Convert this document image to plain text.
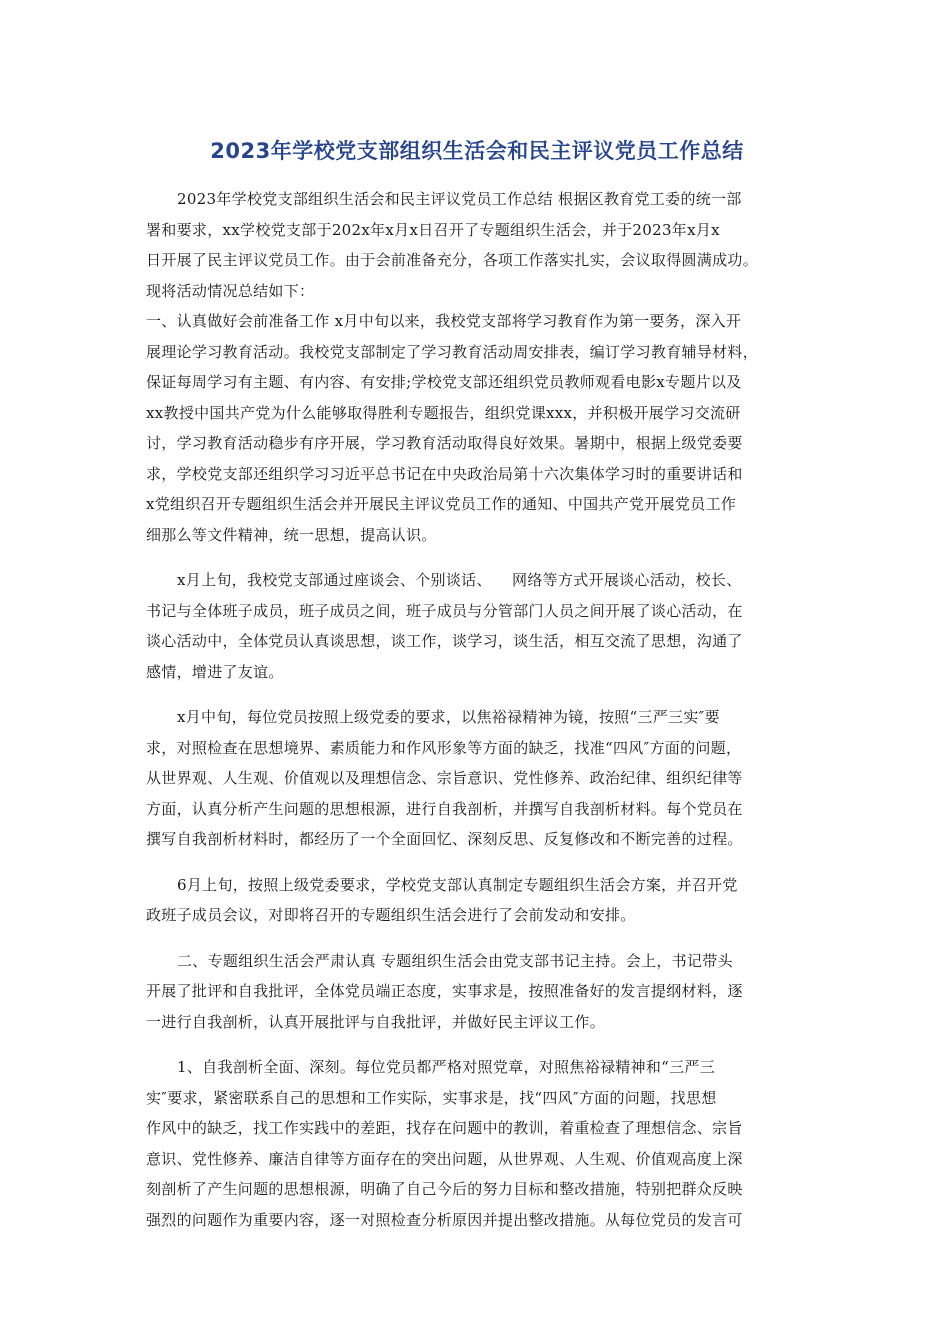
2023年学校党支部组织生活会和民主评议党员工作总结

2023年学校党支部组织生活会和民主评议党员工作总结 根据区教育党工委的统一部
署和要求，xx学校党支部于202x年x月x日召开了专题组织生活会，并于2023年x月x
日开展了民主评议党员工作。由于会前准备充分，各项工作落实扎实，会议取得圆满成功。
现将活动情况总结如下：

一、认真做好会前准备工作 x月中旬以来，我校党支部将学习教育作为第一要务，深入开
展理论学习教育活动。我校党支部制定了学习教育活动周安排表，编订学习教育辅导材料，
保证每周学习有主题、有内容、有安排;学校党支部还组织党员教师观看电影x专题片以及
xx教授中国共产党为什么能够取得胜利专题报告，组织党课xxx，并积极开展学习交流研
讨，学习教育活动稳步有序开展，学习教育活动取得良好效果。暑期中，根据上级党委要
求，学校党支部还组织学习习近平总书记在中央政治局第十六次集体学习时的重要讲话和
x党组织召开专题组织生活会并开展民主评议党员工作的通知、中国共产党开展党员工作
细那么等文件精神，统一思想，提高认识。

x月上旬，我校党支部通过座谈会、个别谈话、    网络等方式开展谈心活动，校长、
书记与全体班子成员，班子成员之间，班子成员与分管部门人员之间开展了谈心活动，在
谈心活动中，全体党员认真谈思想，谈工作，谈学习，谈生活，相互交流了思想，沟通了
感情，增进了友谊。

x月中旬，每位党员按照上级党委的要求，以焦裕禄精神为镜，按照“三严三实″要
求，对照检查在思想境界、素质能力和作风形象等方面的缺乏，找准“四风″方面的问题，
从世界观、人生观、价值观以及理想信念、宗旨意识、党性修养、政治纪律、组织纪律等
方面，认真分析产生问题的思想根源，进行自我剖析，并撰写自我剖析材料。每个党员在
撰写自我剖析材料时，都经历了一个全面回忆、深刻反思、反复修改和不断完善的过程。

6月上旬，按照上级党委要求，学校党支部认真制定专题组织生活会方案，并召开党
政班子成员会议，对即将召开的专题组织生活会进行了会前发动和安排。

二、专题组织生活会严肃认真 专题组织生活会由党支部书记主持。会上，书记带头
开展了批评和自我批评，全体党员端正态度，实事求是，按照准备好的发言提纲材料，逐
一进行自我剖析，认真开展批评与自我批评，并做好民主评议工作。

1、自我剖析全面、深刻。每位党员都严格对照党章，对照焦裕禄精神和“三严三
实″要求，紧密联系自己的思想和工作实际，实事求是，找“四风″方面的问题，找思想
作风中的缺乏，找工作实践中的差距，找存在问题中的教训，着重检查了理想信念、宗旨
意识、党性修养、廉洁自律等方面存在的突出问题，从世界观、人生观、价值观高度上深
刻剖析了产生问题的思想根源，明确了自己今后的努力目标和整改措施，特别把群众反映
强烈的问题作为重要内容，逐一对照检查分析原因并提出整改措施。从每位党员的发言可
